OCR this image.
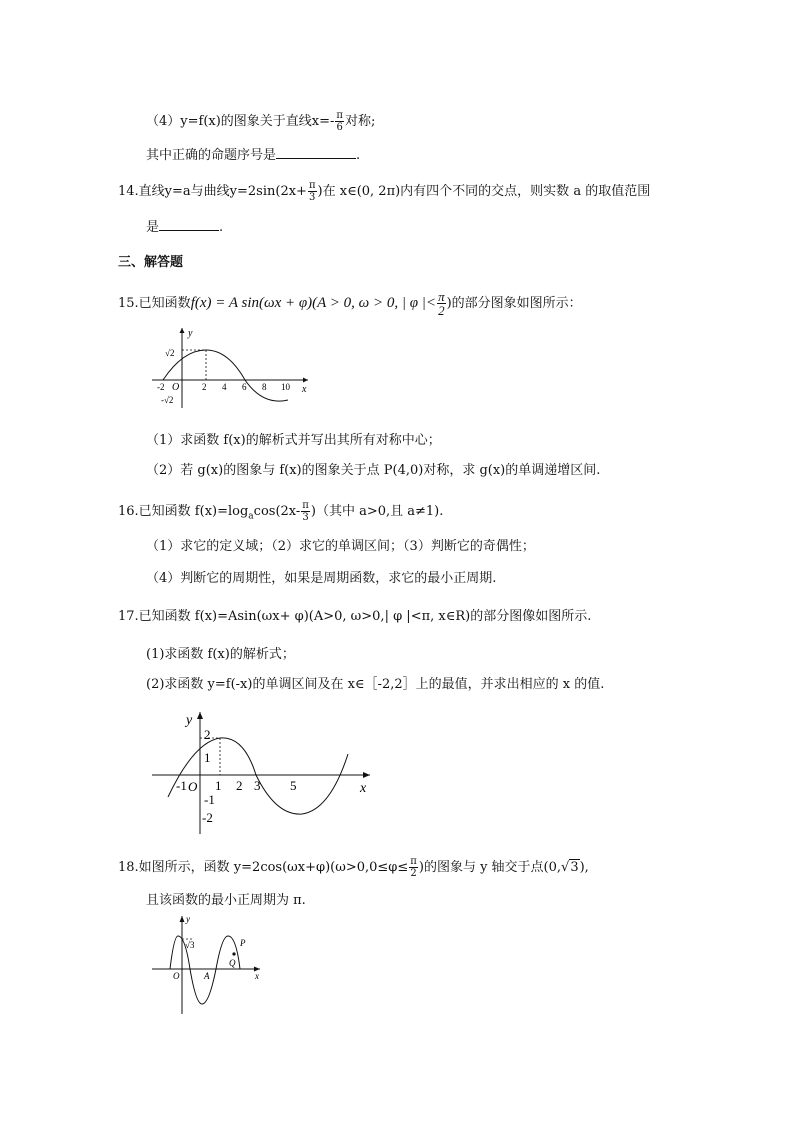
（4）y=f(x)的图象关于直线$x=- \frac{\pi}{6}$ 对称;
其中正确的命题序号是	.
14.直线y=a与曲线$y=2\sin(2x+ \frac{\pi}{3}$ )在 x∈(0, 2π)内有四个不同的交点，则实数 a 的取值范围
是	.
三、解答题
15.已知函数f(x) = A sin(ωx + φ)(A > 0, ω > 0, | φ |< $\frac{\pi}{2}$ )的部分图象如图所示：
y
x
√2
-√2
O
-2	2 4 6 8 10
（1）求函数 f(x)的解析式并写出其所有对称中心；
（2）若 g(x)的图象与 f(x)的图象关于点 P(4,0)对称，求 g(x)的单调递增区间.
16.已知函数 $f(x)=\log_a\cos(2x- \frac{\pi}{3}$ )（其中 a>0,且 a≠1).
（1）求它的定义域；（2）求它的单调区间；（3）判断它的奇偶性；
（4）判断它的周期性，如果是周期函数，求它的最小正周期.
17.已知函数 f(x)=Asin(ωx+ φ)(A>0, ω>0,| φ |<π, x∈R)的部分图像如图所示.
(1)求函数 f(x)的解析式；
(2)求函数 y=f(-x)的单调区间及在 x∈［-2,2］上的最值，并求出相应的 x 的值.
y
x
2
1
-1
-2
O
-1 1 2 3 5
18.如图所示，函数 $y=2\cos(\omega x+\varphi)(\omega>0,0\le\varphi\le \frac{\pi}{2}$ )的图象与 y 轴交于点(0,√3),
且该函数的最小正周期为 π.
y
x
√3
O	A
P
Q
